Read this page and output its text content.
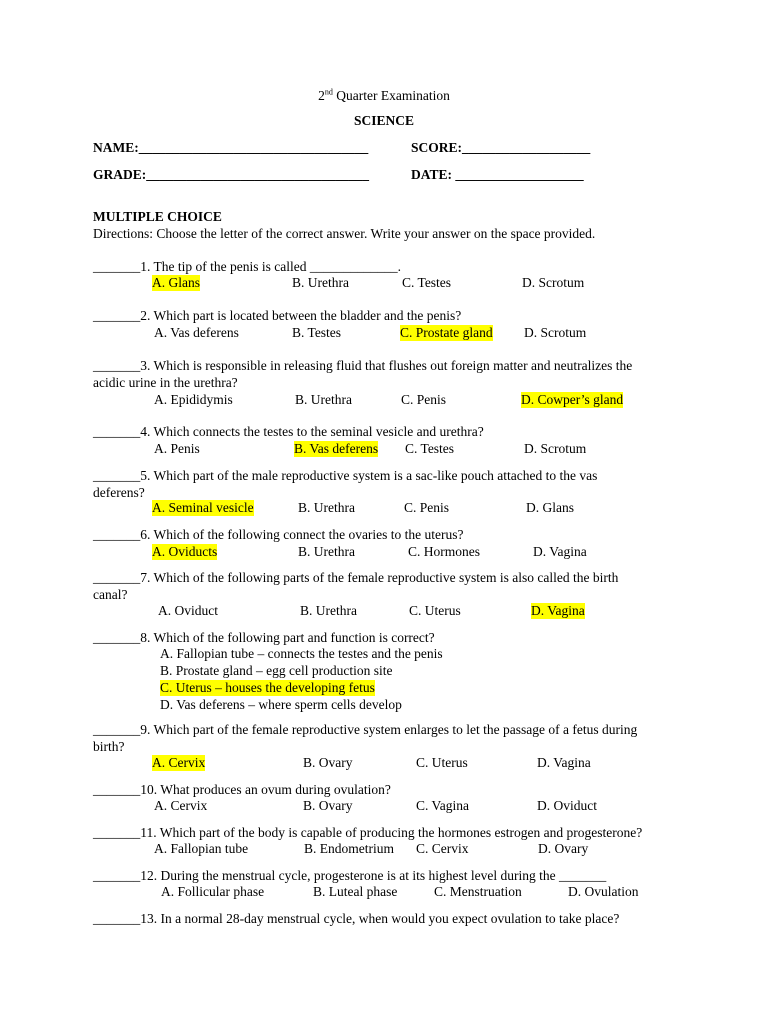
2nd Quarter Examination
SCIENCE
NAME:__________________________________	SCORE:___________________
GRADE:_________________________________	DATE: ___________________
MULTIPLE CHOICE
Directions: Choose the letter of the correct answer. Write your answer on the space provided.
_______1. The tip of the penis is called _____________.
A. Glans	B. Urethra	C. Testes	D. Scrotum
_______2. Which part is located between the bladder and the penis?
A. Vas deferens	B. Testes	C. Prostate gland D. Scrotum
_______3. Which is responsible in releasing fluid that flushes out foreign matter and neutralizes the
acidic urine in the urethra?
A. Epididymis	B. Urethra	C. Penis	D. Cowper’s gland
_______4. Which connects the testes to the seminal vesicle and urethra?
A. Penis	B. Vas deferens C. Testes	D. Scrotum
_______5. Which part of the male reproductive system is a sac-like pouch attached to the vas
deferens?
A. Seminal vesicle	B. Urethra	C. Penis	D. Glans
_______6. Which of the following connect the ovaries to the uterus?
A. Oviducts	B. Urethra	C. Hormones	D. Vagina
_______7. Which of the following parts of the female reproductive system is also called the birth
canal?
A. Oviduct	B. Urethra	C. Uterus	D. Vagina
_______8. Which of the following part and function is correct?
A. Fallopian tube – connects the testes and the penis
B. Prostate gland – egg cell production site
C. Uterus – houses the developing fetus
D. Vas deferens – where sperm cells develop
_______9. Which part of the female reproductive system enlarges to let the passage of a fetus during
birth?
A. Cervix	B. Ovary	C. Uterus	D. Vagina
_______10. What produces an ovum during ovulation?
A. Cervix	B. Ovary	C. Vagina	D. Oviduct
_______11. Which part of the body is capable of producing the hormones estrogen and progesterone?
A. Fallopian tube	B. Endometrium C. Cervix	D. Ovary
_______12. During the menstrual cycle, progesterone is at its highest level during the _______
A. Follicular phase	B. Luteal phase	C. Menstruation	D. Ovulation
_______13. In a normal 28-day menstrual cycle, when would you expect ovulation to take place?
